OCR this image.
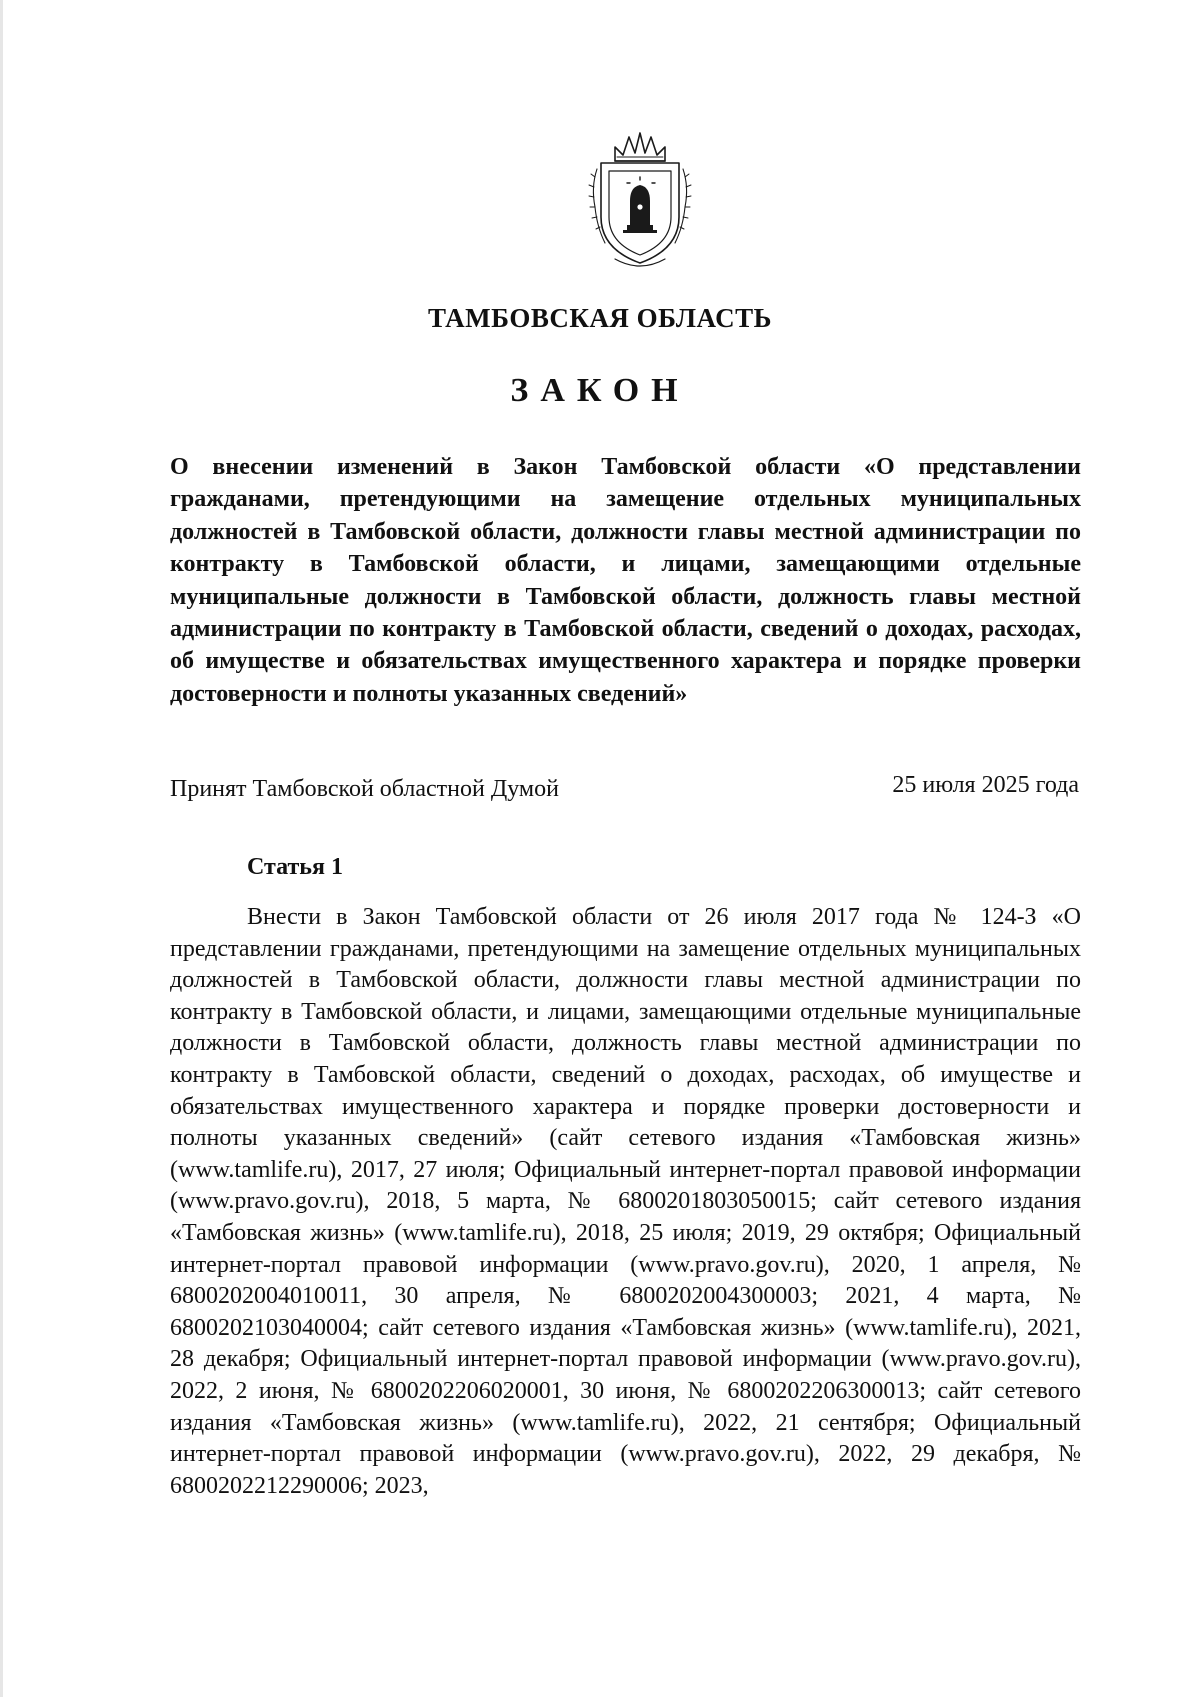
ТАМБОВСКАЯ ОБЛАСТЬ
ЗАКОН
О внесении изменений в Закон Тамбовской области «О представлении гражданами, претендующими на замещение отдельных муниципальных должностей в Тамбовской области, должности главы местной администрации по контракту в Тамбовской области, и лицами, замещающими отдельные муниципальные должности в Тамбовской области, должность главы местной администрации по контракту в Тамбовской области, сведений о доходах, расходах, об имуществе и обязательствах имущественного характера и порядке проверки достоверности и полноты указанных сведений»
Принят Тамбовской областной Думой	25 июля 2025 года
Статья 1
Внести в Закон Тамбовской области от 26 июля 2017 года № 124-З «О представлении гражданами, претендующими на замещение отдельных муниципальных должностей в Тамбовской области, должности главы местной администрации по контракту в Тамбовской области, и лицами, замещающими отдельные муниципальные должности в Тамбовской области, должность главы местной администрации по контракту в Тамбовской области, сведений о доходах, расходах, об имуществе и обязательствах имущественного характера и порядке проверки достоверности и полноты указанных сведений» (сайт сетевого издания «Тамбовская жизнь» (www.tamlife.ru), 2017, 27 июля; Официальный интернет-портал правовой информации (www.pravo.gov.ru), 2018, 5 марта, № 6800201803050015; сайт сетевого издания «Тамбовская жизнь» (www.tamlife.ru), 2018, 25 июля; 2019, 29 октября; Официальный интернет-портал правовой информации (www.pravo.gov.ru), 2020, 1 апреля, № 6800202004010011, 30 апреля, № 6800202004300003; 2021, 4 марта, № 6800202103040004; сайт сетевого издания «Тамбовская жизнь» (www.tamlife.ru), 2021, 28 декабря; Официальный интернет-портал правовой информации (www.pravo.gov.ru), 2022, 2 июня, № 6800202206020001, 30 июня, № 6800202206300013; сайт сетевого издания «Тамбовская жизнь» (www.tamlife.ru), 2022, 21 сентября; Официальный интернет-портал правовой информации (www.pravo.gov.ru), 2022, 29 декабря, № 6800202212290006; 2023,
